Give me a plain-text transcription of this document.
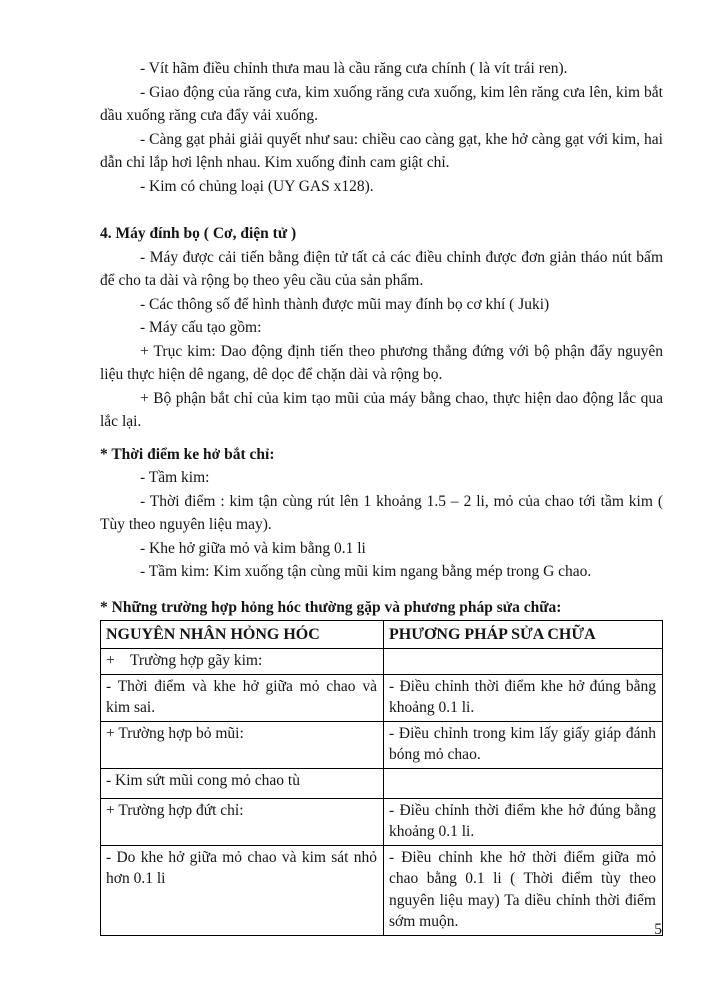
- Vít hãm điều chỉnh thưa mau là cầu răng cưa chính ( là vít trái ren).

- Giao động của răng cưa, kim xuống răng cưa xuống, kim lên răng cưa lên, kim bắt dầu xuống răng cưa đẩy vải xuống.

- Càng gạt phải giải quyết như sau: chiều cao càng gạt, khe hở càng gạt với kim, hai dẫn chỉ lắp hơi lệnh nhau. Kim xuống đỉnh cam giật chỉ.

- Kim có chủng loại (UY GAS x128).

4. Máy đính bọ ( Cơ, điện tử )

- Máy được cải tiến bằng điện tử tất cả các điều chỉnh được đơn giản tháo nút bấm để cho ta dài và rộng bọ theo yêu cầu của sản phẩm.

- Các thông số để hình thành được mũi may đính bọ cơ khí ( Juki)

- Máy cấu tạo gồm:

+ Trục kim: Dao động định tiến theo phương thẳng đứng với bộ phận đẩy nguyên liệu thực hiện dê ngang, dê dọc để chặn dài và rộng bọ.

+ Bộ phận bắt chỉ của kim tạo mũi của máy bằng chao, thực hiện dao động lắc qua lắc lại.

* Thời điểm ke hở bắt chỉ:

- Tầm kim:

- Thời điểm : kim tận cùng rút lên 1 khoảng 1.5 – 2 li, mỏ của chao tới tầm kim ( Tùy theo nguyên liệu may).

- Khe hở giữa mỏ và kim bằng 0.1 li

- Tầm kim: Kim xuống tận cùng mũi kim ngang bằng mép trong G chao.

* Những trường hợp hỏng hóc thường gặp và phương pháp sửa chữa:

NGUYÊN NHÂN HỎNG HÓC	PHƯƠNG PHÁP SỬA CHỮA
+    Trường hợp gãy kim:	
- Thời điểm và khe hở giữa mỏ chao và kim sai.	- Điều chỉnh thời điểm khe hở đúng bằng khoảng 0.1 li.
+ Trường hợp bỏ mũi:	- Điều chỉnh trong kim lấy giấy giáp đánh bóng mỏ chao.
- Kim sứt mũi cong mỏ chao tù	
+ Trường hợp đứt chỉ:	- Điều chỉnh thời điểm khe hở đúng bằng khoảng 0.1 li.
- Do khe hở giữa mỏ chao và kim sát nhỏ hơn 0.1 li	- Điều chỉnh khe hở thời điểm giữa mỏ chao bằng 0.1 li ( Thời điểm tùy theo nguyên liệu may) Ta diều chỉnh thời điểm sớm muộn.	5
